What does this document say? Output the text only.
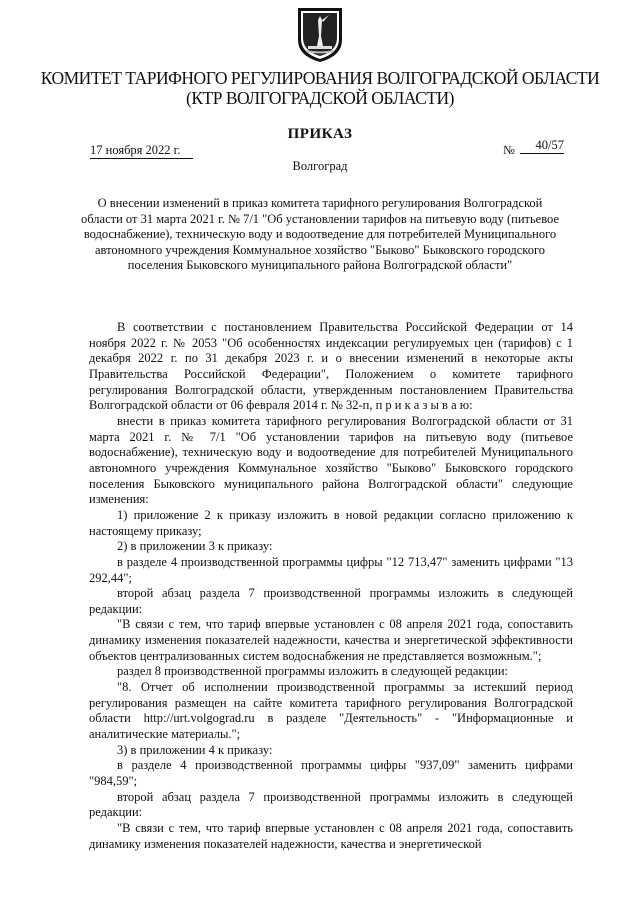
КОМИТЕТ ТАРИФНОГО РЕГУЛИРОВАНИЯ ВОЛГОГРАДСКОЙ ОБЛАСТИ
(КТР ВОЛГОГРАДСКОЙ ОБЛАСТИ)
ПРИКАЗ
17 ноября 2022 г.	№	40/57
Волгоград
О внесении изменений в приказ комитета тарифного регулирования Волгоградской области от 31 марта 2021 г. № 7/1 "Об установлении тарифов на питьевую воду (питьевое водоснабжение), техническую воду и водоотведение для потребителей Муниципального автономного учреждения Коммунальное хозяйство "Быково" Быковского городского поселения Быковского муниципального района Волгоградской области"

В соответствии с постановлением Правительства Российской Федерации от 14 ноября 2022 г. № 2053 "Об особенностях индексации регулируемых цен (тарифов) с 1 декабря 2022 г. по 31 декабря 2023 г. и о внесении изменений в некоторые акты Правительства Российской Федерации", Положением о комитете тарифного регулирования Волгоградской области, утвержденным постановлением Правительства Волгоградской области от 06 февраля 2014 г. № 32-п, п р и к а з ы в а ю:

внести в приказ комитета тарифного регулирования Волгоградской области от 31 марта 2021 г. № 7/1 "Об установлении тарифов на питьевую воду (питьевое водоснабжение), техническую воду и водоотведение для потребителей Муниципального автономного учреждения Коммунальное хозяйство "Быково" Быковского городского поселения Быковского муниципального района Волгоградской области" следующие изменения:

1) приложение 2 к приказу изложить в новой редакции согласно приложению к настоящему приказу;

2) в приложении 3 к приказу:

в разделе 4 производственной программы цифры "12 713,47" заменить цифрами "13 292,44";

второй абзац раздела 7 производственной программы изложить в следующей редакции:

"В связи с тем, что тариф впервые установлен с 08 апреля 2021 года, сопоставить динамику изменения показателей надежности, качества и энергетической эффективности объектов централизованных систем водоснабжения не представляется возможным.";

раздел 8 производственной программы изложить в следующей редакции:

"8. Отчет об исполнении производственной программы за истекший период регулирования размещен на сайте комитета тарифного регулирования Волгоградской области http://urt.volgograd.ru в разделе "Деятельность" - "Информационные и аналитические материалы.";

3) в приложении 4 к приказу:

в разделе 4 производственной программы цифры "937,09" заменить цифрами "984,59";

второй абзац раздела 7 производственной программы изложить в следующей редакции:

"В связи с тем, что тариф впервые установлен с 08 апреля 2021 года, сопоставить динамику изменения показателей надежности, качества и энергетической
